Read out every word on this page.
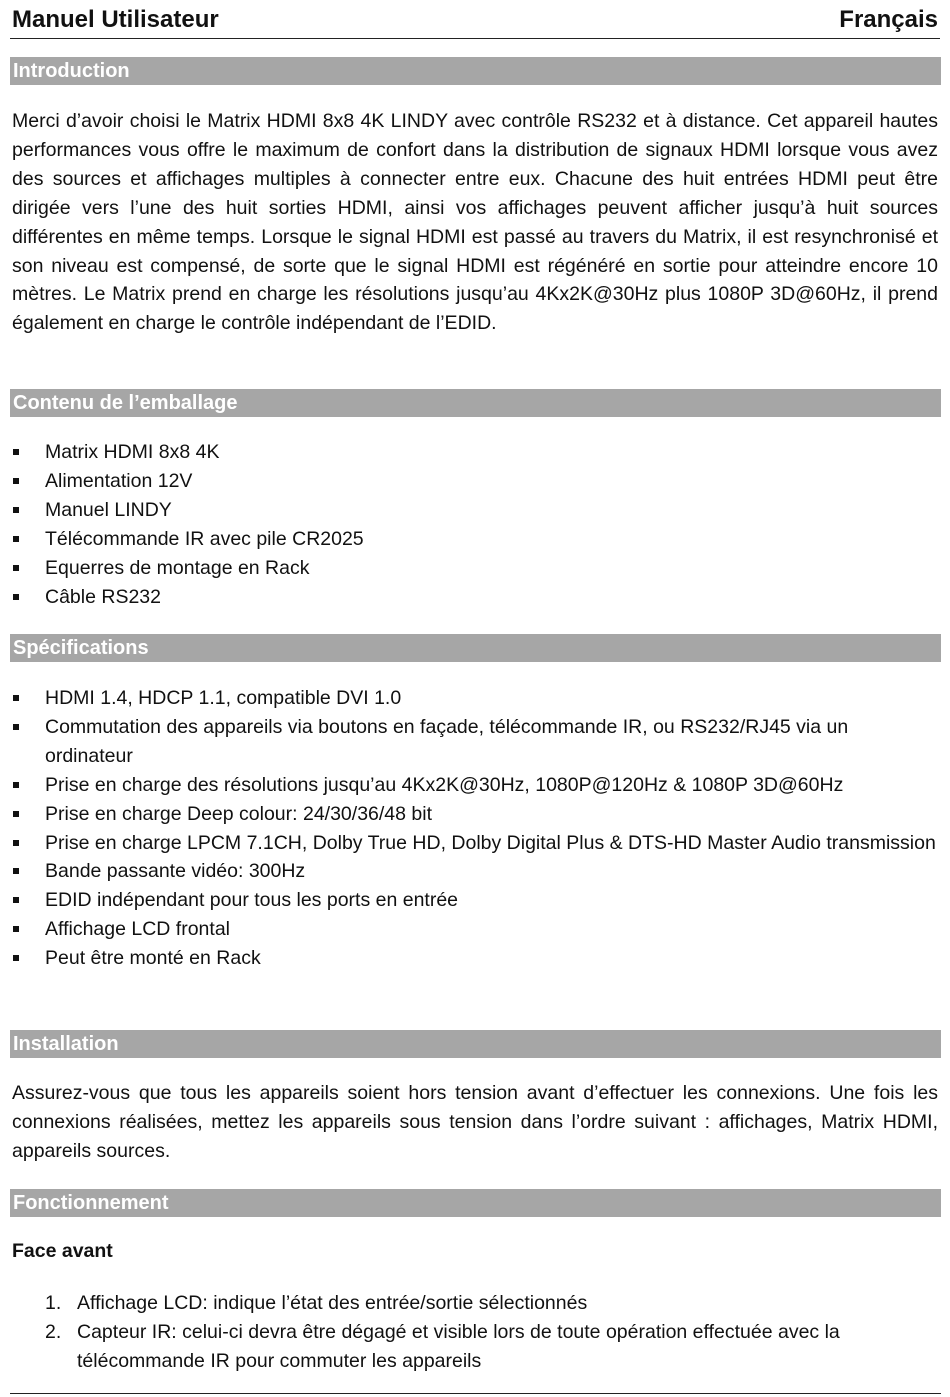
Manuel Utilisateur	Français
Introduction
Merci d’avoir choisi le Matrix HDMI 8x8 4K LINDY avec contrôle RS232 et à distance. Cet appareil hautes performances vous offre le maximum de confort dans la distribution de signaux HDMI lorsque vous avez des sources et affichages multiples à connecter entre eux. Chacune des huit entrées HDMI peut être dirigée vers l’une des huit sorties HDMI, ainsi vos affichages peuvent afficher jusqu’à huit sources différentes en même temps. Lorsque le signal HDMI est passé au travers du Matrix, il est resynchronisé et son niveau est compensé, de sorte que le signal HDMI est régénéré en sortie pour atteindre encore 10 mètres. Le Matrix prend en charge les résolutions jusqu’au 4Kx2K@30Hz plus 1080P 3D@60Hz, il prend également en charge le contrôle indépendant de l’EDID.
Contenu de l’emballage
Matrix HDMI 8x8 4K
Alimentation 12V
Manuel LINDY
Télécommande IR avec pile CR2025
Equerres de montage en Rack
Câble RS232
Spécifications
HDMI 1.4, HDCP 1.1, compatible DVI 1.0
Commutation des appareils via boutons en façade, télécommande IR, ou RS232/RJ45 via un ordinateur
Prise en charge des résolutions jusqu’au 4Kx2K@30Hz, 1080P@120Hz & 1080P 3D@60Hz
Prise en charge Deep colour: 24/30/36/48 bit
Prise en charge LPCM 7.1CH, Dolby True HD, Dolby Digital Plus & DTS-HD Master Audio transmission
Bande passante vidéo: 300Hz
EDID indépendant pour tous les ports en entrée
Affichage LCD frontal
Peut être monté en Rack
Installation
Assurez-vous que tous les appareils soient hors tension avant d’effectuer les connexions. Une fois les connexions réalisées, mettez les appareils sous tension dans l’ordre suivant : affichages, Matrix HDMI, appareils sources.
Fonctionnement
Face avant
1. Affichage LCD: indique l’état des entrée/sortie sélectionnés
2. Capteur IR: celui-ci devra être dégagé et visible lors de toute opération effectuée avec la télécommande IR pour commuter les appareils
